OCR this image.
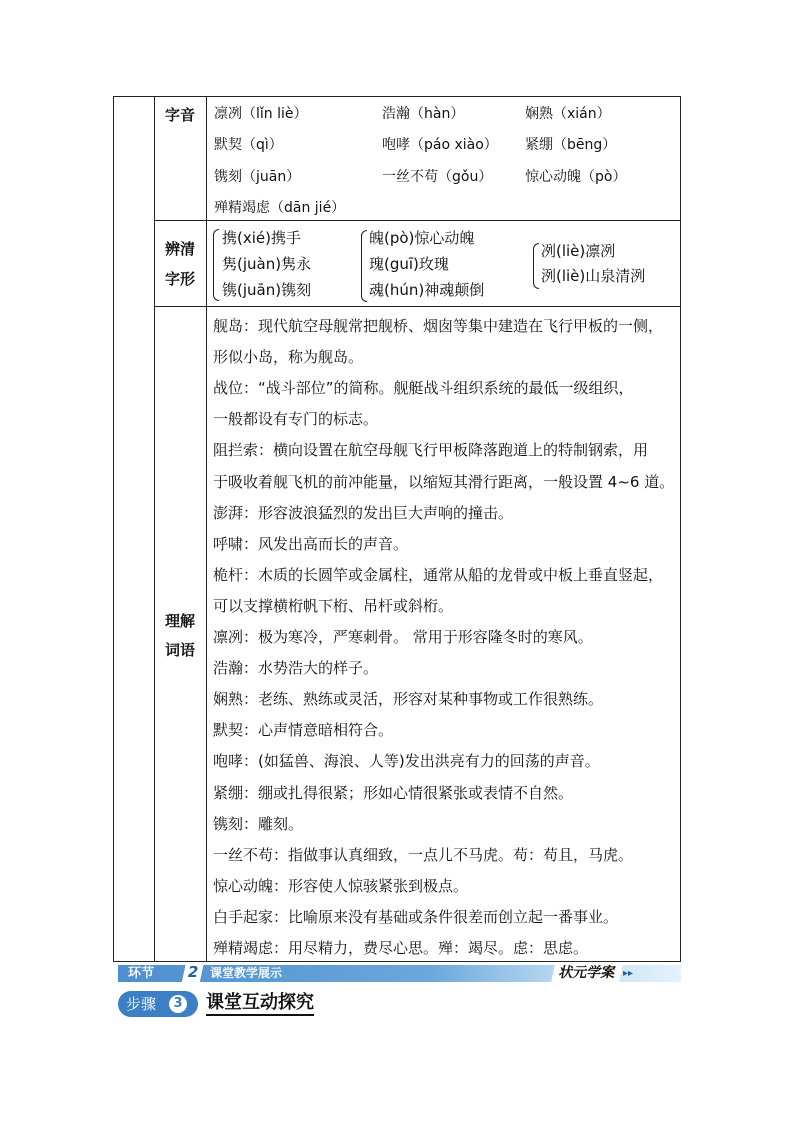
字音	凛冽（lǐn liè）	浩瀚（hàn）	娴熟（xián）
默契（qì）	咆哮（páo xiào） 紧绷（bēng）
镌刻（juān）	一丝不苟（gǒu） 惊心动魄（pò）
殚精竭虑（dān jié）
辨清
字形
携(xié)携手
隽(juàn)隽永
镌(juān)镌刻
魄(pò)惊心动魄
瑰(guī)玫瑰
魂(hún)神魂颠倒
冽(liè)凛冽
洌(liè)山泉清洌
理解
词语
舰岛：现代航空母舰常把舰桥、烟囱等集中建造在飞行甲板的一侧，
形似小岛，称为舰岛。
战位：“战斗部位”的简称。舰艇战斗组织系统的最低一级组织，
一般都设有专门的标志。
阻拦索：横向设置在航空母舰飞行甲板降落跑道上的特制钢索，用
于吸收着舰飞机的前冲能量，以缩短其滑行距离，一般设置 4~6 道。
澎湃：形容波浪猛烈的发出巨大声响的撞击。
呼啸：风发出高而长的声音。
桅杆：木质的长圆竿或金属柱，通常从船的龙骨或中板上垂直竖起，
可以支撑横桁帆下桁、吊杆或斜桁。
凛冽：极为寒冷，严寒刺骨。 常用于形容隆冬时的寒风。
浩瀚：水势浩大的样子。
娴熟：老练、熟练或灵活，形容对某种事物或工作很熟练。
默契：心声情意暗相符合。
咆哮：(如猛兽、海浪、人等)发出洪亮有力的回荡的声音。
紧绷：绷或扎得很紧；形如心情很紧张或表情不自然。
镌刻：雕刻。
一丝不苟：指做事认真细致，一点儿不马虎。苟：苟且，马虎。
惊心动魄：形容使人惊骇紧张到极点。
白手起家：比喻原来没有基础或条件很差而创立起一番事业。
殚精竭虑：用尽精力，费尽心思。殚：竭尽。虑：思虑。
环节 2 课堂教学展示	状元学案 ▸▸
步骤	3 课堂互动探究
